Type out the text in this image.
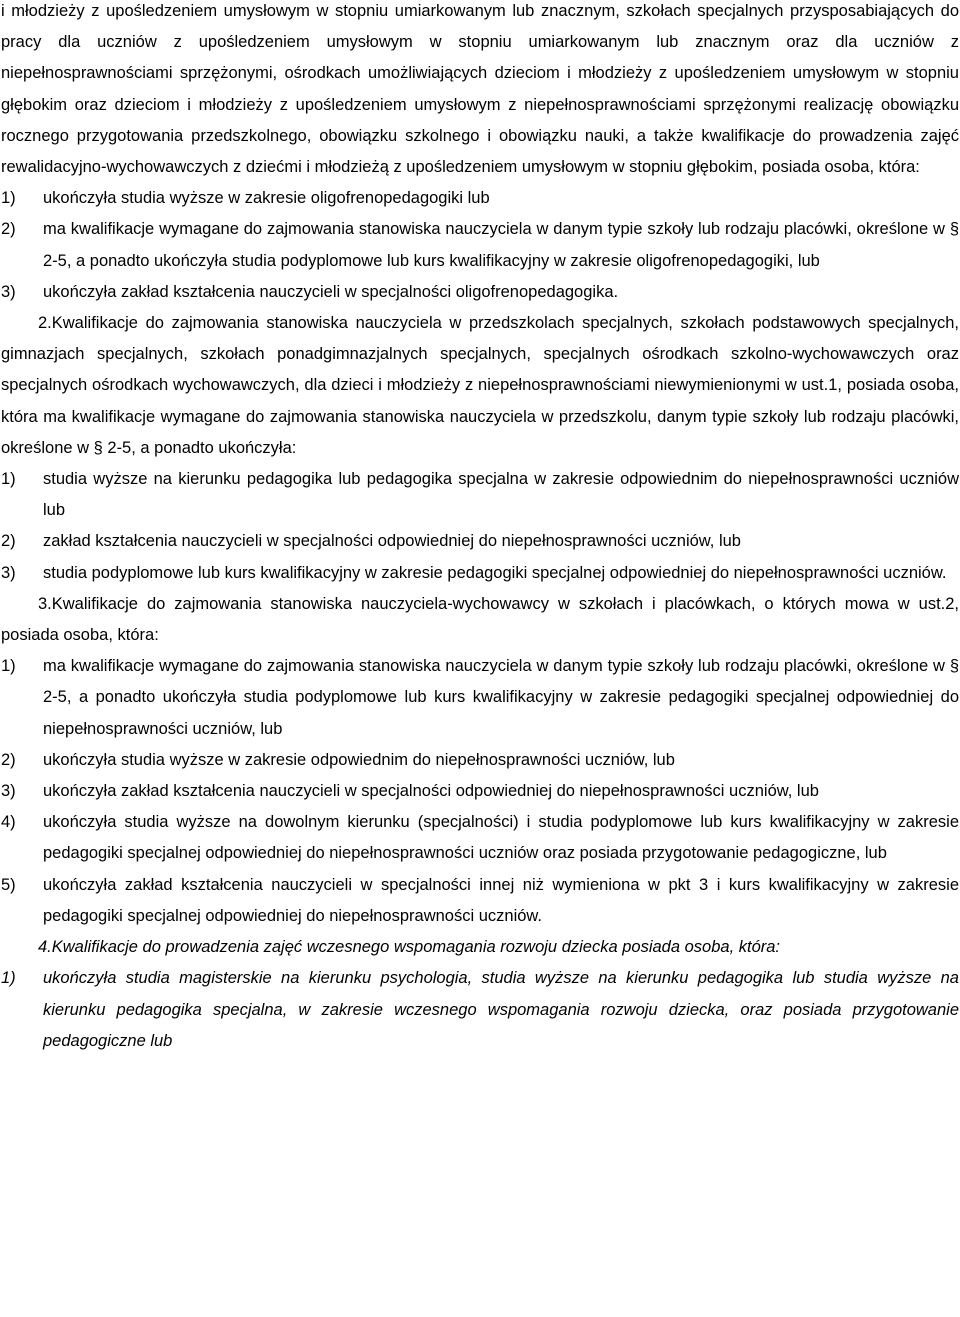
i młodzieży z upośledzeniem umysłowym w stopniu umiarkowanym lub znacznym, szkołach specjalnych przysposabiających do pracy dla uczniów z upośledzeniem umysłowym w stopniu umiarkowanym lub znacznym oraz dla uczniów z niepełnosprawnościami sprzężonymi, ośrodkach umożliwiających dzieciom i młodzieży z upośledzeniem umysłowym w stopniu głębokim oraz dzieciom i młodzieży z upośledzeniem umysłowym z niepełnosprawnościami sprzężonymi realizację obowiązku rocznego przygotowania przedszkolnego, obowiązku szkolnego i obowiązku nauki, a także kwalifikacje do prowadzenia zajęć rewalidacyjno-wychowawczych z dziećmi i młodzieżą z upośledzeniem umysłowym w stopniu głębokim, posiada osoba, która:

1)	ukończyła studia wyższe w zakresie oligofrenopedagogiki lub
2)	ma kwalifikacje wymagane do zajmowania stanowiska nauczyciela w danym typie szkoły lub rodzaju placówki, określone w § 2-5, a ponadto ukończyła studia podyplomowe lub kurs kwalifikacyjny w zakresie oligofrenopedagogiki, lub
3)	ukończyła zakład kształcenia nauczycieli w specjalności oligofrenopedagogika.

2.Kwalifikacje do zajmowania stanowiska nauczyciela w przedszkolach specjalnych, szkołach podstawowych specjalnych, gimnazjach specjalnych, szkołach ponadgimnazjalnych specjalnych, specjalnych ośrodkach szkolno-wychowawczych oraz specjalnych ośrodkach wychowawczych, dla dzieci i młodzieży z niepełnosprawnościami niewymienionymi w ust.1, posiada osoba, która ma kwalifikacje wymagane do zajmowania stanowiska nauczyciela w przedszkolu, danym typie szkoły lub rodzaju placówki, określone w § 2-5, a ponadto ukończyła:

1)	studia wyższe na kierunku pedagogika lub pedagogika specjalna w zakresie odpowiednim do niepełnosprawności uczniów lub
2)	zakład kształcenia nauczycieli w specjalności odpowiedniej do niepełnosprawności uczniów, lub
3)	studia podyplomowe lub kurs kwalifikacyjny w zakresie pedagogiki specjalnej odpowiedniej do niepełnosprawności uczniów.

3.Kwalifikacje do zajmowania stanowiska nauczyciela-wychowawcy w szkołach i placówkach, o których mowa w ust.2, posiada osoba, która:

1)	ma kwalifikacje wymagane do zajmowania stanowiska nauczyciela w danym typie szkoły lub rodzaju placówki, określone w § 2-5, a ponadto ukończyła studia podyplomowe lub kurs kwalifikacyjny w zakresie pedagogiki specjalnej odpowiedniej do niepełnosprawności uczniów, lub
2)	ukończyła studia wyższe w zakresie odpowiednim do niepełnosprawności uczniów, lub
3)	ukończyła zakład kształcenia nauczycieli w specjalności odpowiedniej do niepełnosprawności uczniów, lub
4)	ukończyła studia wyższe na dowolnym kierunku (specjalności) i studia podyplomowe lub kurs kwalifikacyjny w zakresie pedagogiki specjalnej odpowiedniej do niepełnosprawności uczniów oraz posiada przygotowanie pedagogiczne, lub
5)	ukończyła zakład kształcenia nauczycieli w specjalności innej niż wymieniona w pkt 3 i kurs kwalifikacyjny w zakresie pedagogiki specjalnej odpowiedniej do niepełnosprawności uczniów.

4.Kwalifikacje do prowadzenia zajęć wczesnego wspomagania rozwoju dziecka posiada osoba, która:

1)	ukończyła studia magisterskie na kierunku psychologia, studia wyższe na kierunku pedagogika lub studia wyższe na kierunku pedagogika specjalna, w zakresie wczesnego wspomagania rozwoju dziecka, oraz posiada przygotowanie pedagogiczne lub
